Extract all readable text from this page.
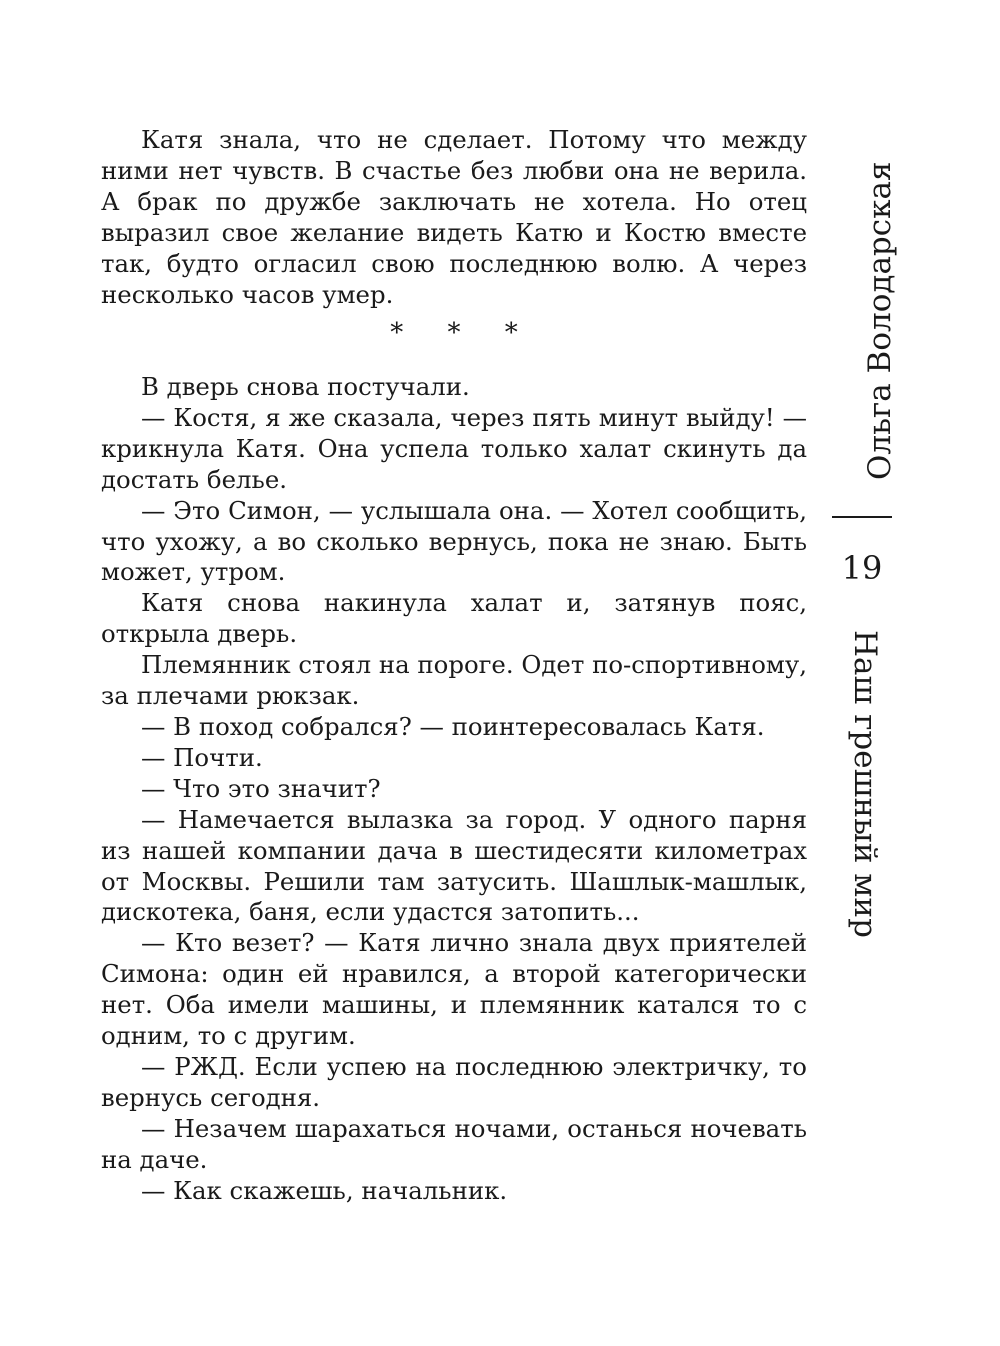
Катя знала, что не сделает. Потому что между ними нет чувств. В счастье без любви она не верила. А брак по дружбе заключать не хотела. Но отец выразил свое желание видеть Катю и Костю вместе так, будто огласил свою последнюю волю. А через несколько часов умер.

* * *

В дверь снова постучали.

— Костя, я же сказала, через пять минут выйду! — крикнула Катя. Она успела только халат скинуть да достать белье.

— Это Симон, — услышала она. — Хотел сообщить, что ухожу, а во сколько вернусь, пока не знаю. Быть может, утром.

Катя снова накинула халат и, затянув пояс, открыла дверь.

Племянник стоял на пороге. Одет по-спортивному, за плечами рюкзак.

— В поход собрался? — поинтересовалась Катя.

— Почти.

— Что это значит?

— Намечается вылазка за город. У одного парня из нашей компании дача в шестидесяти километрах от Москвы. Решили там затусить. Шашлык-машлык, дискотека, баня, если удастся затопить...

— Кто везет? — Катя лично знала двух приятелей Симона: один ей нравился, а второй категорически нет. Оба имели машины, и племянник катался то с одним, то с другим.

— РЖД. Если успею на последнюю электричку, то вернусь сегодня.

— Незачем шарахаться ночами, останься ночевать на даче.

— Как скажешь, начальник.

Ольга Володарская
19
Наш грешный мир
